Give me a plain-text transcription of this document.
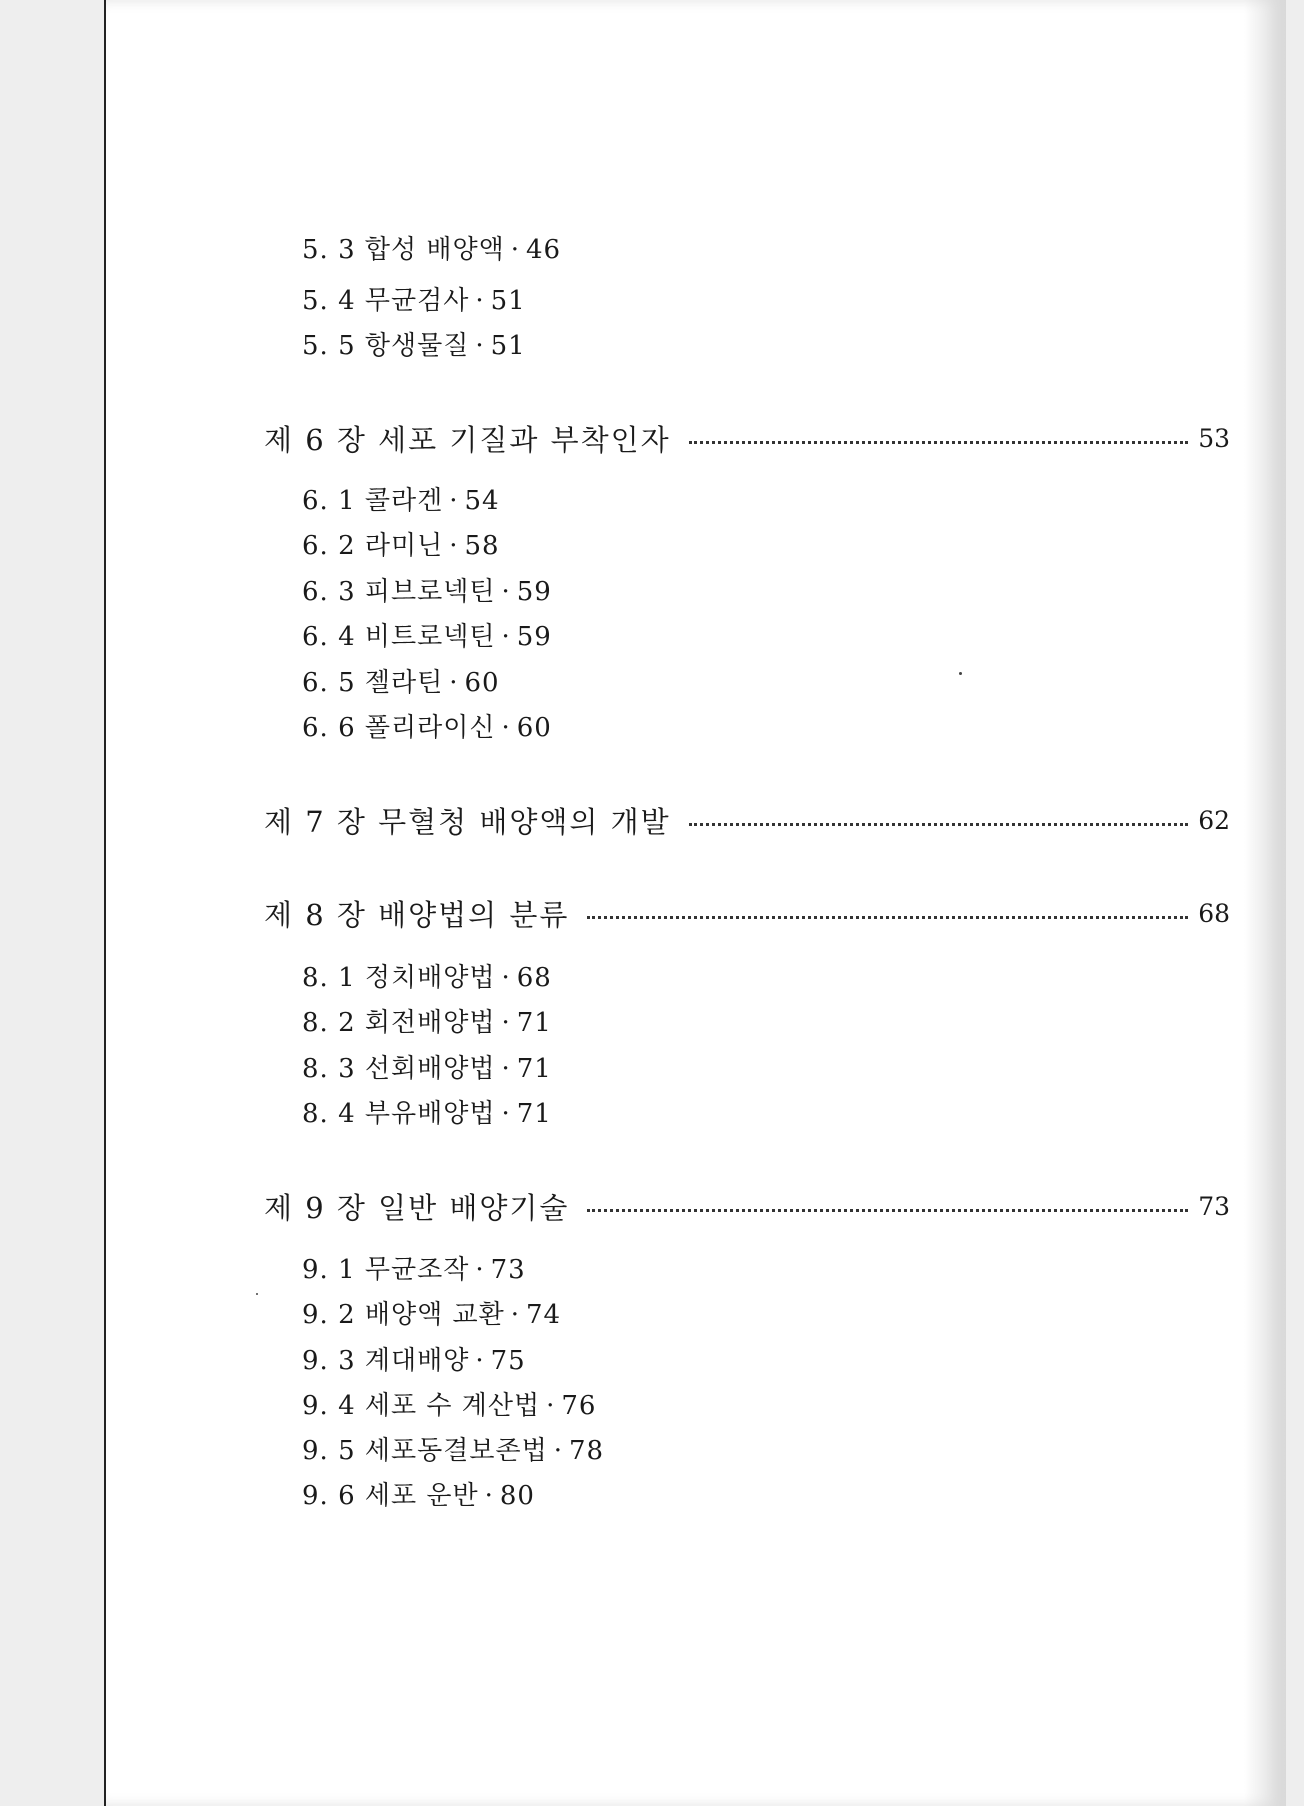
5. 3 합성 배양액 · 46
5. 4 무균검사 · 51
5. 5 항생물질 · 51
제 6 장 세포 기질과 부착인자	53
6. 1 콜라겐 · 54
6. 2 라미닌 · 58
6. 3 피브로넥틴 · 59
6. 4 비트로넥틴 · 59
6. 5 젤라틴 · 60
6. 6 폴리라이신 · 60
제 7 장 무혈청 배양액의 개발	62
제 8 장 배양법의 분류	68
8. 1 정치배양법 · 68
8. 2 회전배양법 · 71
8. 3 선회배양법 · 71
8. 4 부유배양법 · 71
제 9 장 일반 배양기술	73
9. 1 무균조작 · 73
9. 2 배양액 교환 · 74
9. 3 계대배양 · 75
9. 4 세포 수 계산법 · 76
9. 5 세포동결보존법 · 78
9. 6 세포 운반 · 80
